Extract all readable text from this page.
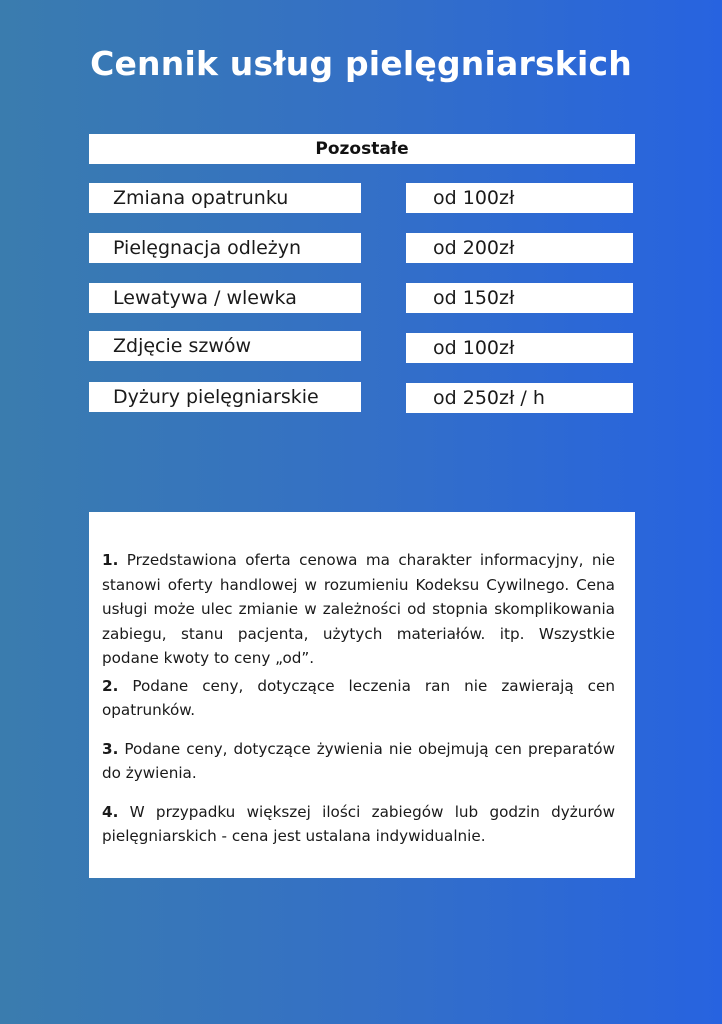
Cennik usług pielęgniarskich
Pozostałe
Zmiana opatrunku	od 100zł
Pielęgnacja odleżyn	od 200zł
Lewatywa / wlewka	od 150zł
Zdjęcie szwów	od 100zł
Dyżury pielęgniarskie	od 250zł / h

1. Przedstawiona oferta cenowa ma charakter informacyjny, nie stanowi oferty handlowej w rozumieniu Kodeksu Cywilnego. Cena usługi może ulec zmianie w zależności od stopnia skomplikowania zabiegu, stanu pacjenta, użytych materiałów. itp. Wszystkie podane kwoty to ceny „od”.

2. Podane ceny, dotyczące leczenia ran nie zawierają cen opatrunków.

3. Podane ceny, dotyczące żywienia nie obejmują cen preparatów do żywienia.

4. W przypadku większej ilości zabiegów lub godzin dyżurów pielęgniarskich - cena jest ustalana indywidualnie.
